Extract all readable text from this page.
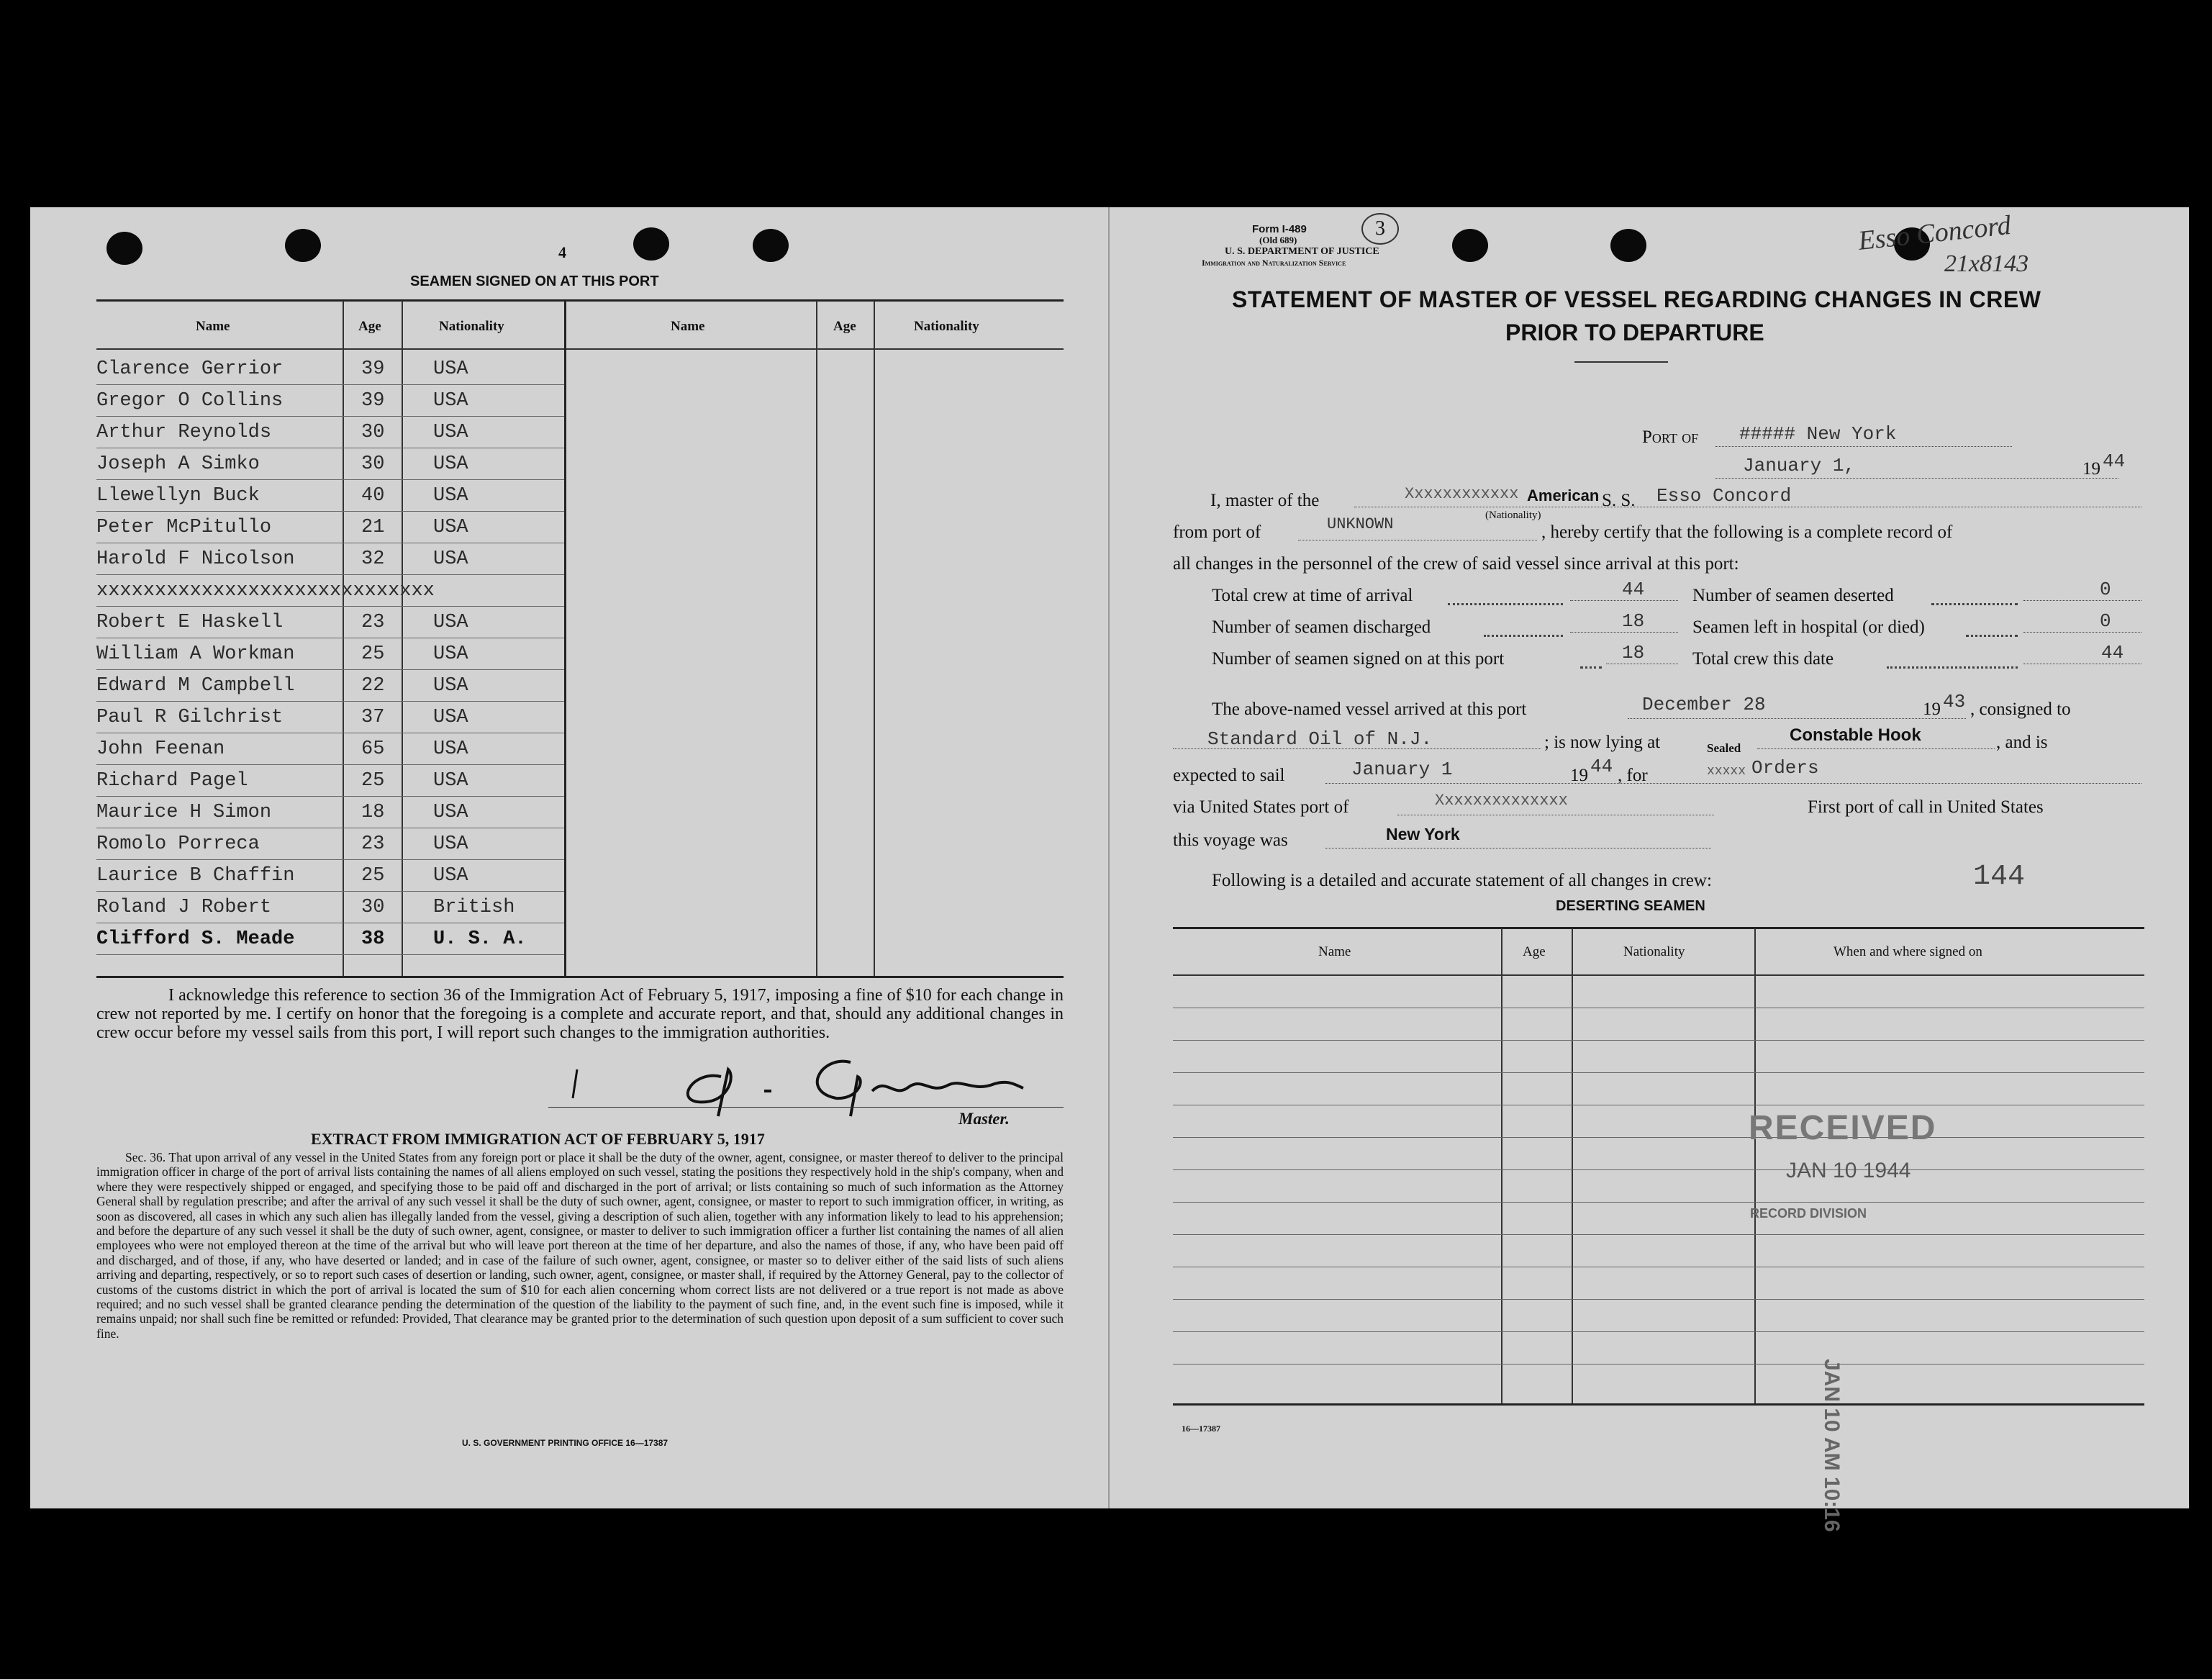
4
SEAMEN SIGNED ON AT THIS PORT
Name	Age	Nationality	Name	Age	Nationality
Clarence Gerrior	39	USA
Gregor O Collins	39	USA
Arthur Reynolds	30	USA
Joseph A Simko	30	USA
Llewellyn Buck	40	USA
Peter McPitullo	21	USA
Harold F Nicolson	32	USA
xxxxxxxxxxxxxxxxxxxxxxxxxxxxx
Robert E Haskell	23	USA
William A Workman	25	USA
Edward M Campbell	22	USA
Paul R Gilchrist	37	USA
John Feenan	65	USA
Richard Pagel	25	USA
Maurice H Simon	18	USA
Romolo Porreca	23	USA
Laurice B Chaffin	25	USA
Roland J Robert	30	British
Clifford S. Meade	38	U. S. A.
I acknowledge this reference to section 36 of the Immigration Act of February 5, 1917, imposing a fine of $10 for each change in crew not reported by me. I certify on honor that the foregoing is a complete and accurate report, and that, should any additional changes in crew occur before my vessel sails from this port, I will report such changes to the immigration authorities.
Master.
EXTRACT FROM IMMIGRATION ACT OF FEBRUARY 5, 1917
Sec. 36. That upon arrival of any vessel in the United States from any foreign port or place it shall be the duty of the owner, agent, consignee, or master thereof to deliver to the principal immigration officer in charge of the port of arrival lists containing the names of all aliens employed on such vessel, stating the positions they respectively hold in the ship's company, when and where they were respectively shipped or engaged, and specifying those to be paid off and discharged in the port of arrival; or lists containing so much of such information as the Attorney General shall by regulation prescribe; and after the arrival of any such vessel it shall be the duty of such owner, agent, consignee, or master to report to such immigration officer, in writing, as soon as discovered, all cases in which any such alien has illegally landed from the vessel, giving a description of such alien, together with any information likely to lead to his apprehension; and before the departure of any such vessel it shall be the duty of such owner, agent, consignee, or master to deliver to such immigration officer a further list containing the names of all alien employees who were not employed thereon at the time of the arrival but who will leave port thereon at the time of her departure, and also the names of those, if any, who have been paid off and discharged, and of those, if any, who have deserted or landed; and in case of the failure of such owner, agent, consignee, or master so to deliver either of the said lists of such aliens arriving and departing, respectively, or so to report such cases of desertion or landing, such owner, agent, consignee, or master shall, if required by the Attorney General, pay to the collector of customs of the customs district in which the port of arrival is located the sum of $10 for each alien concerning whom correct lists are not delivered or a true report is not made as above required; and no such vessel shall be granted clearance pending the determination of the question of the liability to the payment of such fine, and, in the event such fine is imposed, while it remains unpaid; nor shall such fine be remitted or refunded: Provided, That clearance may be granted prior to the determination of such question upon deposit of a sum sufficient to cover such fine.
U. S. GOVERNMENT PRINTING OFFICE 16—17387
Form I-489
(Old 689)
U. S. DEPARTMENT OF JUSTICE
Immigration and Naturalization Service
3	Esso Concord
21x8143
STATEMENT OF MASTER OF VESSEL REGARDING CHANGES IN CREW
PRIOR TO DEPARTURE
Port of ##### New York
January 1,	19 44
I, master of the	Xxxxxxxxxxxx American
(Nationality)
S. S. Esso Concord
from port of	UNKNOWN	, hereby certify that the following is a complete record of
all changes in the personnel of the crew of said vessel since arrival at this port:
Total crew at time of arrival	44
Number of seamen discharged	18
Number of seamen signed on at this port	18
Number of seamen deserted	0
Seamen left in hospital (or died)	0
Total crew this date	44
The above-named vessel arrived at this port	December 28	19 43 , consigned to
Standard Oil of N.J.	; is now lying at	Constable Hook	, and is
expected to sail	January 1	19 44 , for
Sealed
xxxxx Orders
via United States port of	Xxxxxxxxxxxxxx	First port of call in United States
this voyage was	New York
Following is a detailed and accurate statement of all changes in crew:	144
DESERTING SEAMEN
Name	Age	Nationality	When and where signed on
RECEIVED
JAN 10 1944
RECORD DIVISION
JAN 10 AM 10:16
16—17387
